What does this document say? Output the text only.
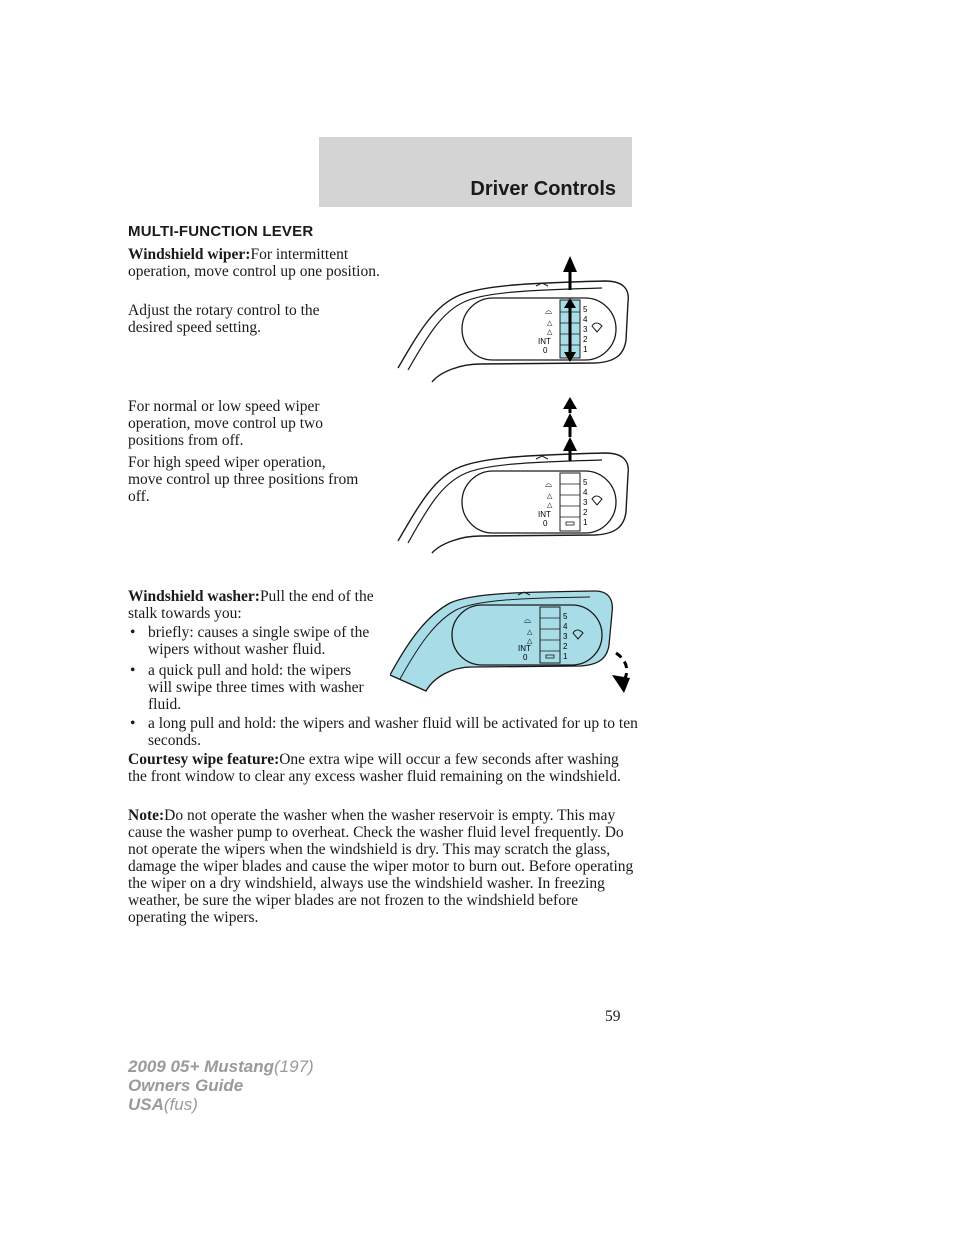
Driver Controls
MULTI-FUNCTION LEVER

Windshield wiper:For intermittent operation, move control up one position.

Adjust the rotary control to the desired speed setting.

For normal or low speed wiper operation, move control up two positions from off.

For high speed wiper operation, move control up three positions from off.

Windshield washer:Pull the end of the stalk towards you:

• briefly: causes a single swipe of the wipers without washer fluid.
• a quick pull and hold: the wipers will swipe three times with washer fluid.
• a long pull and hold: the wipers and washer fluid will be activated for up to ten seconds.

Courtesy wipe feature:One extra wipe will occur a few seconds after washing the front window to clear any excess washer fluid remaining on the windshield.

Note:Do not operate the washer when the washer reservoir is empty. This may cause the washer pump to overheat. Check the washer fluid level frequently. Do not operate the wipers when the windshield is dry. This may scratch the glass, damage the wiper blades and cause the wiper motor to burn out. Before operating the wiper on a dry windshield, always use the windshield washer. In freezing weather, be sure the wiper blades are not frozen to the windshield before operating the wipers.

⌓
△
△
INT
0
5
4
3
2
1
⌓
△
△
INT
0
5
4
3
2
1
⌓
△
△
INT
0
5
4
3
2
1
59
2009 05+ Mustang(197)
Owners Guide
USA(fus)
